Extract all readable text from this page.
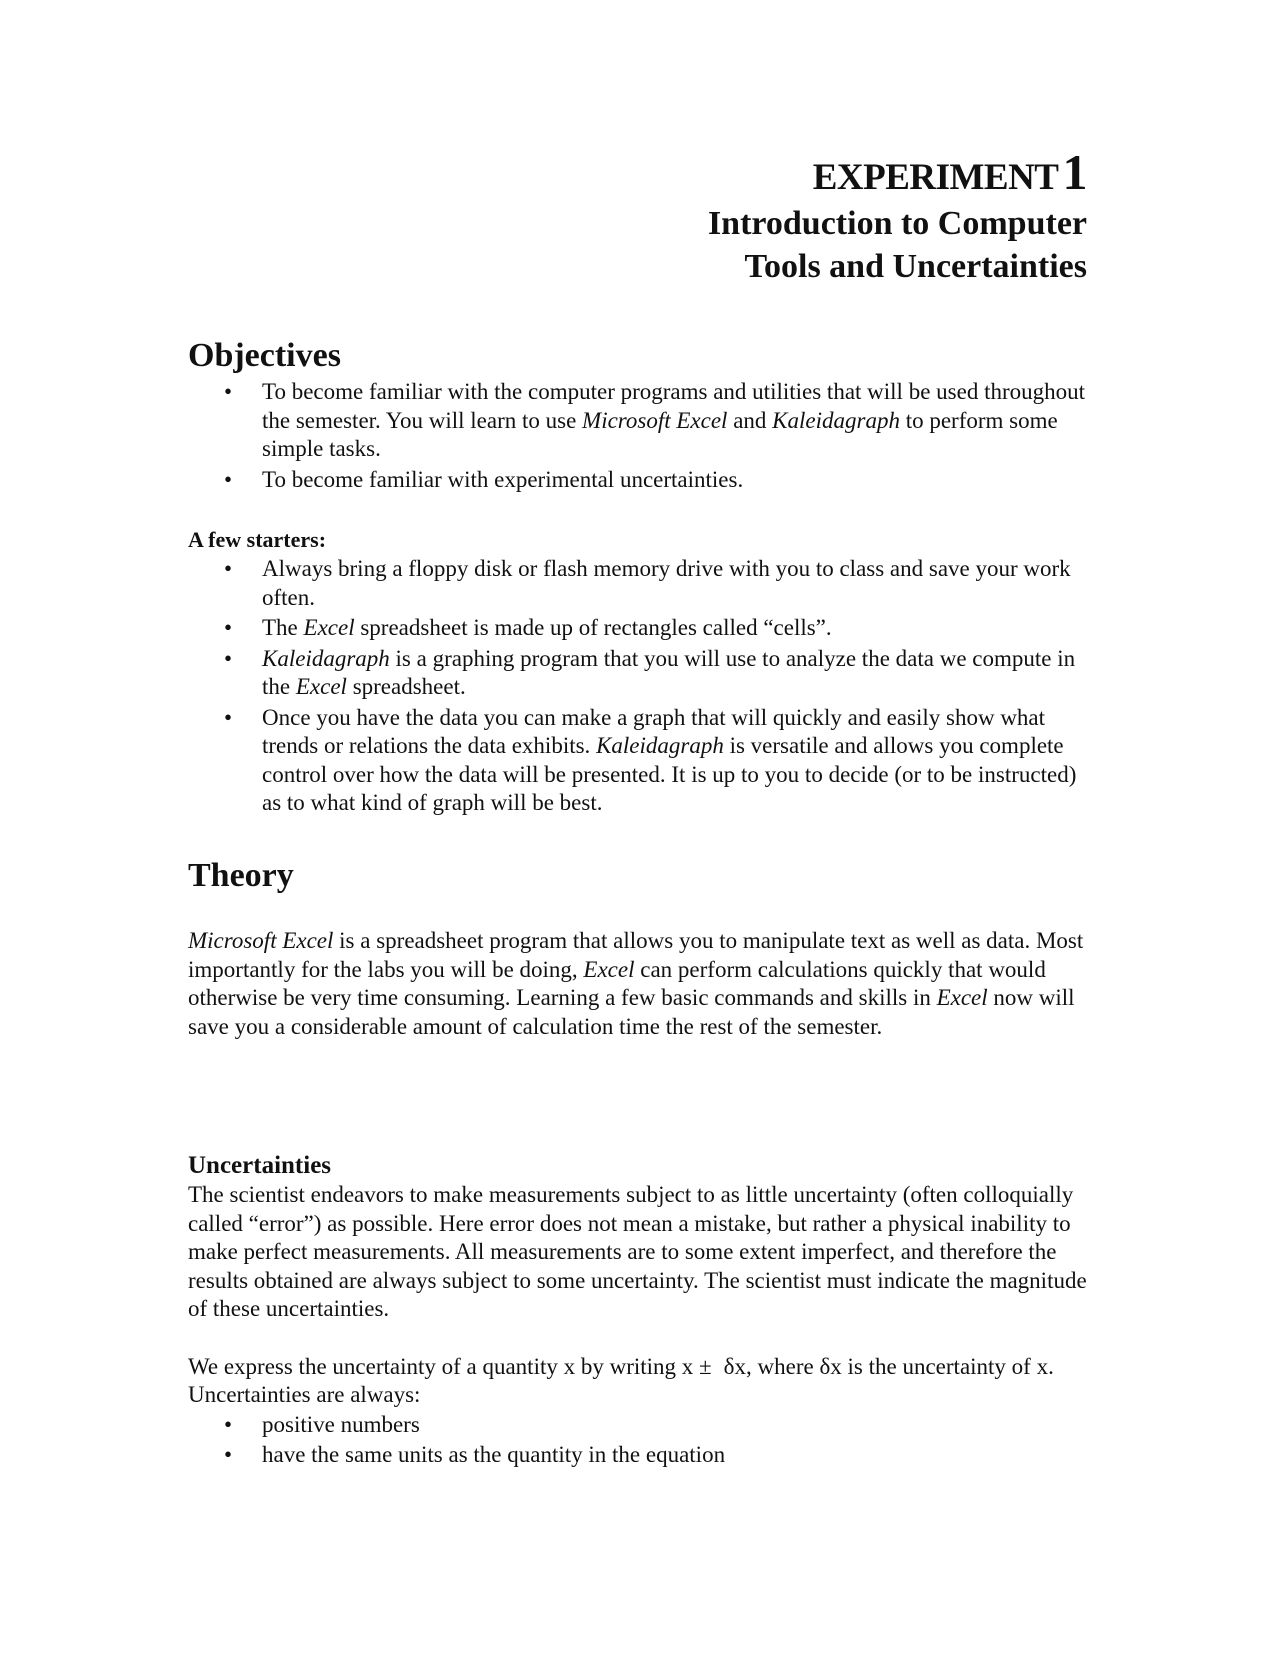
EXPERIMENT1
Introduction to Computer
Tools and Uncertainties
Objectives
• To become familiar with the computer programs and utilities that will be used throughout the semester. You will learn to use Microsoft Excel and Kaleidagraph to perform some simple tasks.
• To become familiar with experimental uncertainties.
A few starters:
• Always bring a floppy disk or flash memory drive with you to class and save your work often.
• The Excel spreadsheet is made up of rectangles called “cells”.
• Kaleidagraph is a graphing program that you will use to analyze the data we compute in the Excel spreadsheet.
• Once you have the data you can make a graph that will quickly and easily show what trends or relations the data exhibits. Kaleidagraph is versatile and allows you complete control over how the data will be presented. It is up to you to decide (or to be instructed) as to what kind of graph will be best.
Theory

Microsoft Excel is a spreadsheet program that allows you to manipulate text as well as data. Most importantly for the labs you will be doing, Excel can perform calculations quickly that would otherwise be very time consuming. Learning a few basic commands and skills in Excel now will save you a considerable amount of calculation time the rest of the semester.

Uncertainties

The scientist endeavors to make measurements subject to as little uncertainty (often colloquially called “error”) as possible. Here error does not mean a mistake, but rather a physical inability to make perfect measurements. All measurements are to some extent imperfect, and therefore the results obtained are always subject to some uncertainty. The scientist must indicate the magnitude of these uncertainties.

We express the uncertainty of a quantity x by writing x ± δx, where δx is the uncertainty of x. Uncertainties are always:

• positive numbers
• have the same units as the quantity in the equation
